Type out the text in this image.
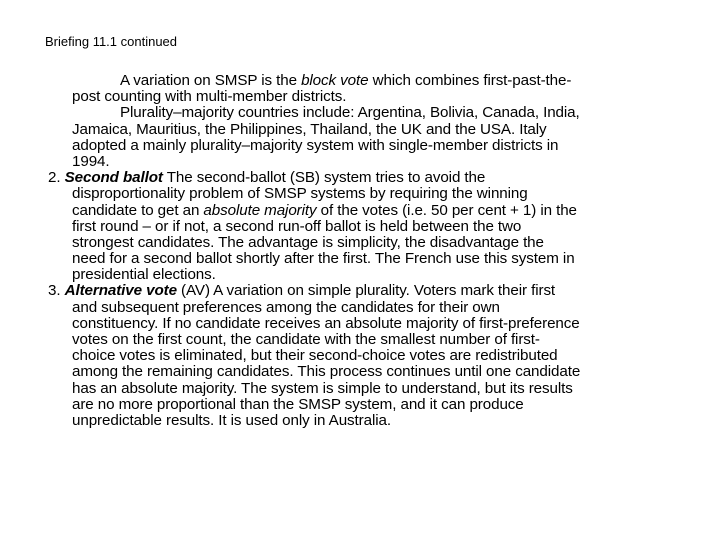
Briefing 11.1 continued
A variation on SMSP is the block vote which combines first-past-the-
post counting with multi-member districts.
Plurality–majority countries include: Argentina, Bolivia, Canada, India,
Jamaica, Mauritius, the Philippines, Thailand, the UK and the USA. Italy
adopted a mainly plurality–majority system with single-member districts in
1994.
2. Second ballot The second-ballot (SB) system tries to avoid the
disproportionality problem of SMSP systems by requiring the winning
candidate to get an absolute majority of the votes (i.e. 50 per cent + 1) in the
first round – or if not, a second run-off ballot is held between the two
strongest candidates. The advantage is simplicity, the disadvantage the
need for a second ballot shortly after the first. The French use this system in
presidential elections.
3. Alternative vote (AV) A variation on simple plurality. Voters mark their first
and subsequent preferences among the candidates for their own
constituency. If no candidate receives an absolute majority of first-preference
votes on the first count, the candidate with the smallest number of first-
choice votes is eliminated, but their second-choice votes are redistributed
among the remaining candidates. This process continues until one candidate
has an absolute majority. The system is simple to understand, but its results
are no more proportional than the SMSP system, and it can produce
unpredictable results. It is used only in Australia.
